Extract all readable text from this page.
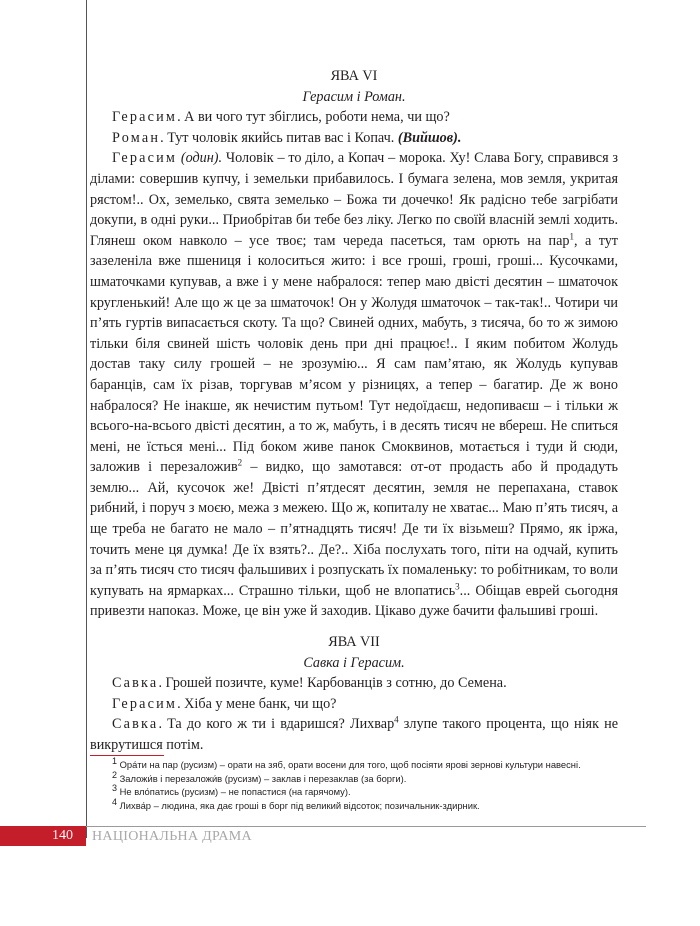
ЯВА VI

Герасим і Роман.

Герасим. А ви чого тут збіглись, роботи нема, чи що?

Роман. Тут чоловік якийсь питав вас і Копач. (Вийшов).

Герасим (один). Чоловік – то діло, а Копач – морока. Ху! Слава Богу, справився з ділами: совершив купчу, і земельки прибавилось. І бумага зелена, мов земля, укритая рястом!.. Ох, земелько, свята земелько – Божа ти дочечко! Як радісно тебе загрібати докупи, в одні руки... Приобрітав би тебе без ліку. Легко по своїй власній землі ходить. Глянеш оком навколо – усе твоє; там череда пасеться, там орють на пар$^1$, а тут зазеленіла вже пшениця і колоситься жито: і все гроші, гроші, гроші... Кусочками, шматочками купував, а вже і у мене набралося: тепер маю двісті десятин – шматочок кругленький! Але що ж це за шматочок! Он у Жолудя шматочок – так-так!.. Чотири чи п’ять гуртів випасається скоту. Та що? Свиней одних, мабуть, з тисяча, бо то ж зимою тільки біля свиней шість чоловік день при дні працює!.. І яким побитом Жолудь достав таку силу грошей – не зрозумію... Я сам пам’ятаю, як Жолудь купував баранців, сам їх різав, торгував м’ясом у різницях, а тепер – багатир. Де ж воно набралося? Не інакше, як нечистим путьом! Тут недоїдаєш, недопиваєш – і тільки ж всього-на-всього двісті десятин, а то ж, мабуть, і в десять тисяч не вбереш. Не спиться мені, не їсться мені... Під боком живе панок Смоквинов, мотається і туди й сюди, заложив і перезаложив$^2$ – видко, що замотався: от-от продасть або й продадуть землю... Ай, кусочок же! Двісті п’ятдесят десятин, земля не перепахана, ставок рибний, і поруч з моєю, межа з межею. Що ж, копиталу не хватає... Маю п’ять тисяч, а ще треба не багато не мало – п’ятнадцять тисяч! Де ти їх візьмеш? Прямо, як іржа, точить мене ця думка! Де їх взять?.. Де?.. Хіба послухать того, піти на одчай, купить за п’ять тисяч сто тисяч фальшивих і розпускать їх помаленьку: то робітникам, то воли купувать на ярмарках... Страшно тільки, щоб не влопатись$^3$... Обіщав еврей сьогодня привезти напоказ. Може, це він уже й заходив. Цікаво дуже бачити фальшиві гроші.

ЯВА VII

Савка і Герасим.

Савка. Грошей позичте, куме! Карбованців з сотню, до Семена.

Герасим. Хіба у мене банк, чи що?

Савка. Та до кого ж ти і вдаришся? Лихвар$^4$ злупе такого процента, що ніяк не викрутишся потім.

$^1$ Ора́ти на пар (русизм) – орати на зяб, орати восени для того, щоб посіяти ярові зернові культури навесні.
$^2$ Заложи́в і перезаложи́в (русизм) – заклав і перезаклав (за борги).
$^3$ Не вло́патись (русизм) – не попастися (на гарячому).
$^4$ Лихва́р – людина, яка дає гроші в борг під великий відсоток; позичальник-здирник.
140 НАЦІОНАЛЬНА ДРАМА
